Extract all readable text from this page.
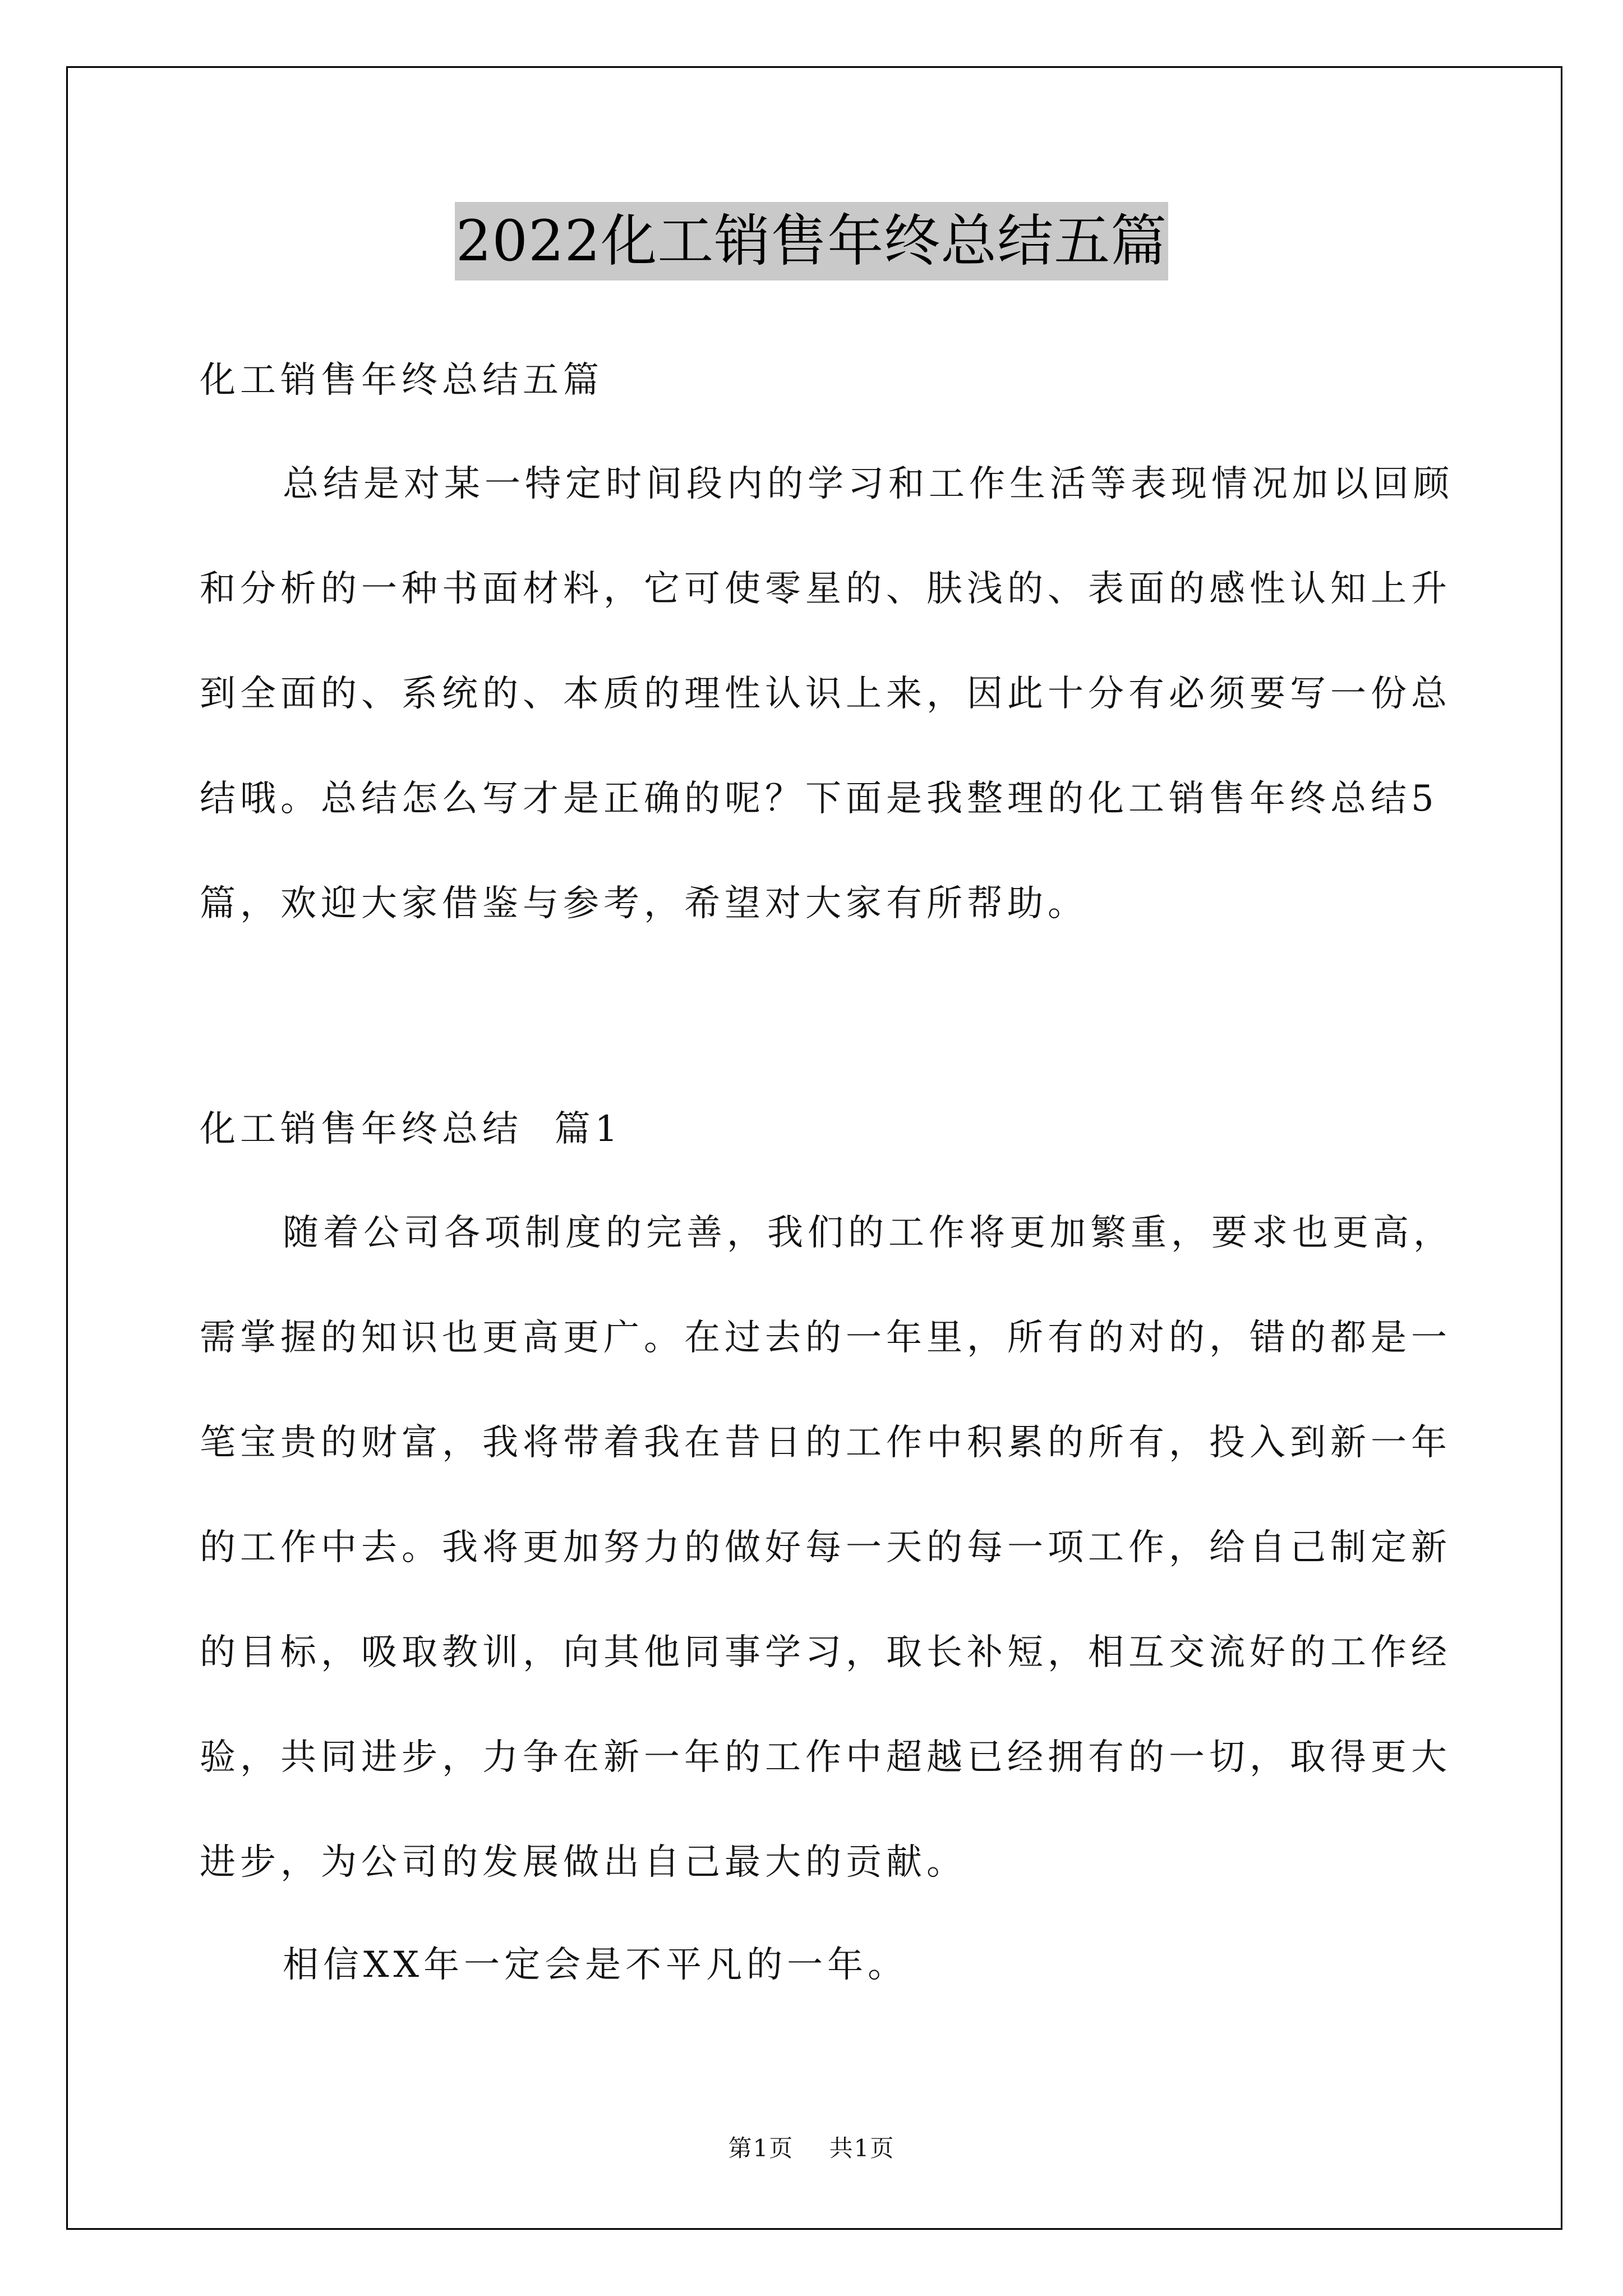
2022化工销售年终总结五篇

化工销售年终总结五篇

总结是对某一特定时间段内的学习和工作生活等表现情况加以回顾和分析的一种书面材料，它可使零星的、肤浅的、表面的感性认知上升到全面的、系统的、本质的理性认识上来，因此十分有必须要写一份总结哦。总结怎么写才是正确的呢？下面是我整理的化工销售年终总结5篇，欢迎大家借鉴与参考，希望对大家有所帮助。

化工销售年终总结  篇1

随着公司各项制度的完善，我们的工作将更加繁重，要求也更高，需掌握的知识也更高更广。在过去的一年里，所有的对的，错的都是一笔宝贵的财富，我将带着我在昔日的工作中积累的所有，投入到新一年的工作中去。我将更加努力的做好每一天的每一项工作，给自己制定新的目标，吸取教训，向其他同事学习，取长补短，相互交流好的工作经验，共同进步，力争在新一年的工作中超越已经拥有的一切，取得更大进步，为公司的发展做出自己最大的贡献。

相信XX年一定会是不平凡的一年。

第1页 共1页
